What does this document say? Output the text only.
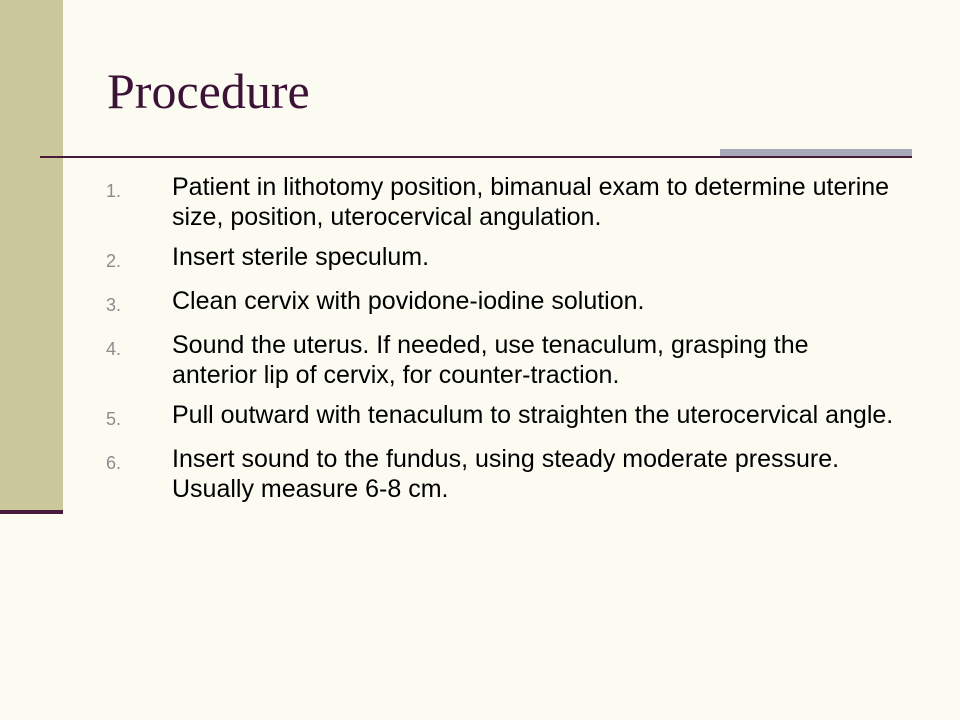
Procedure
1.	Patient in lithotomy position, bimanual exam to determine uterine size, position, uterocervical angulation.
2.	Insert sterile speculum.
3.	Clean cervix with povidone-iodine solution.
4.	Sound the uterus. If needed, use tenaculum, grasping the anterior lip of cervix, for counter-traction.
5.	Pull outward with tenaculum to straighten the uterocervical angle.
6.	Insert sound to the fundus, using steady moderate pressure. Usually measure 6-8 cm.
